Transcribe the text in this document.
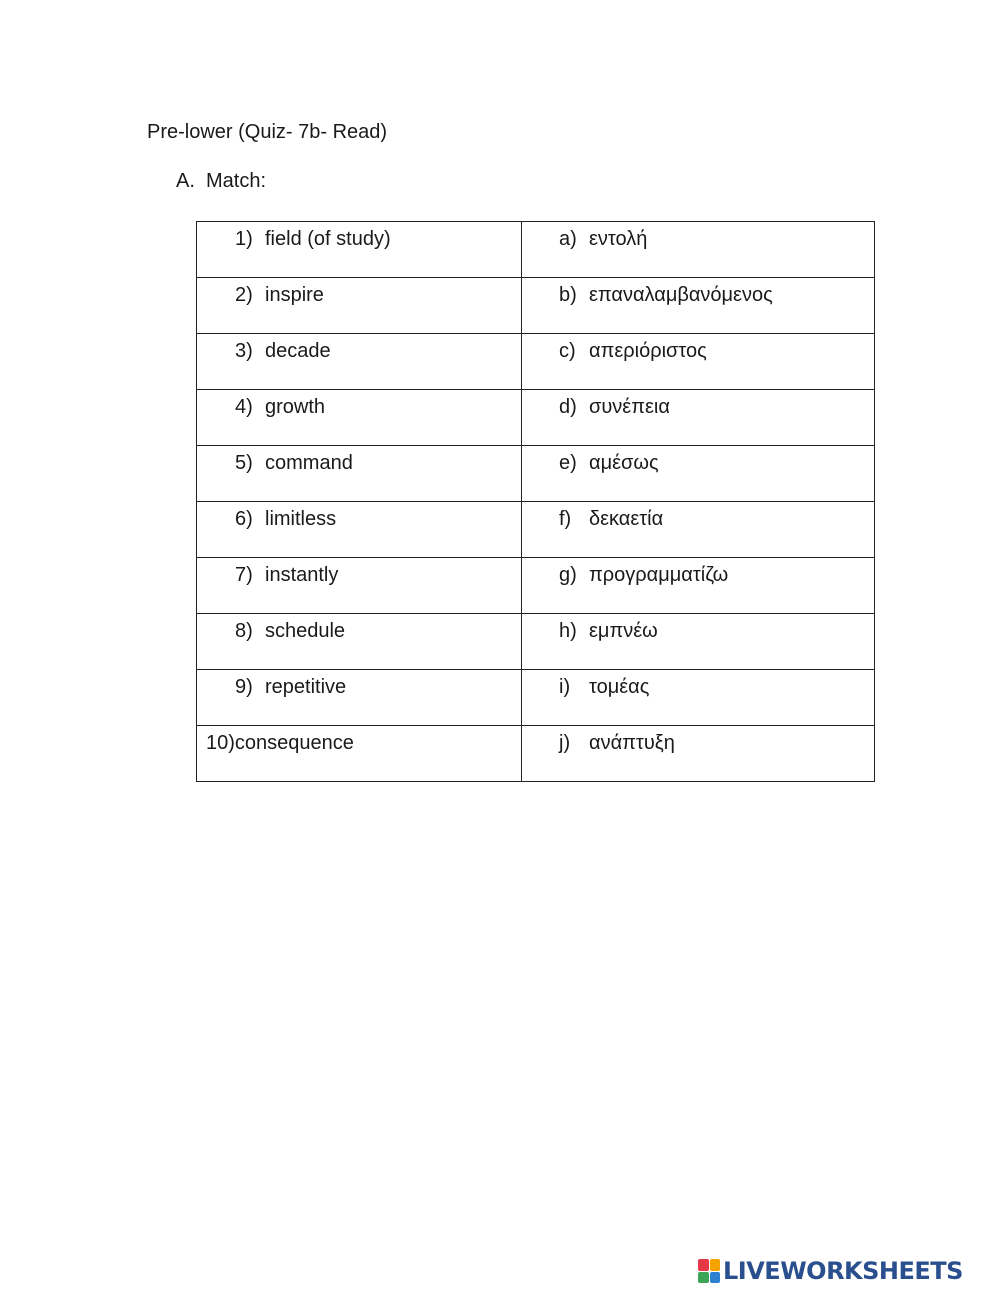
Pre-lower (Quiz- 7b- Read)
A. Match:
1) field (of study)	a) εντολή

2) inspire	b) επαναλαμβανόμενος

3) decade	c) απεριόριστος

4) growth	d) συνέπεια

5) command	e) αμέσως

6) limitless	f) δεκαετία

7) instantly	g) προγραμματίζω

8) schedule	h) εμπνέω

9) repetitive	i) τομέας

10) consequence	j) ανάπτυξη
LIVEWORKSHEETS
